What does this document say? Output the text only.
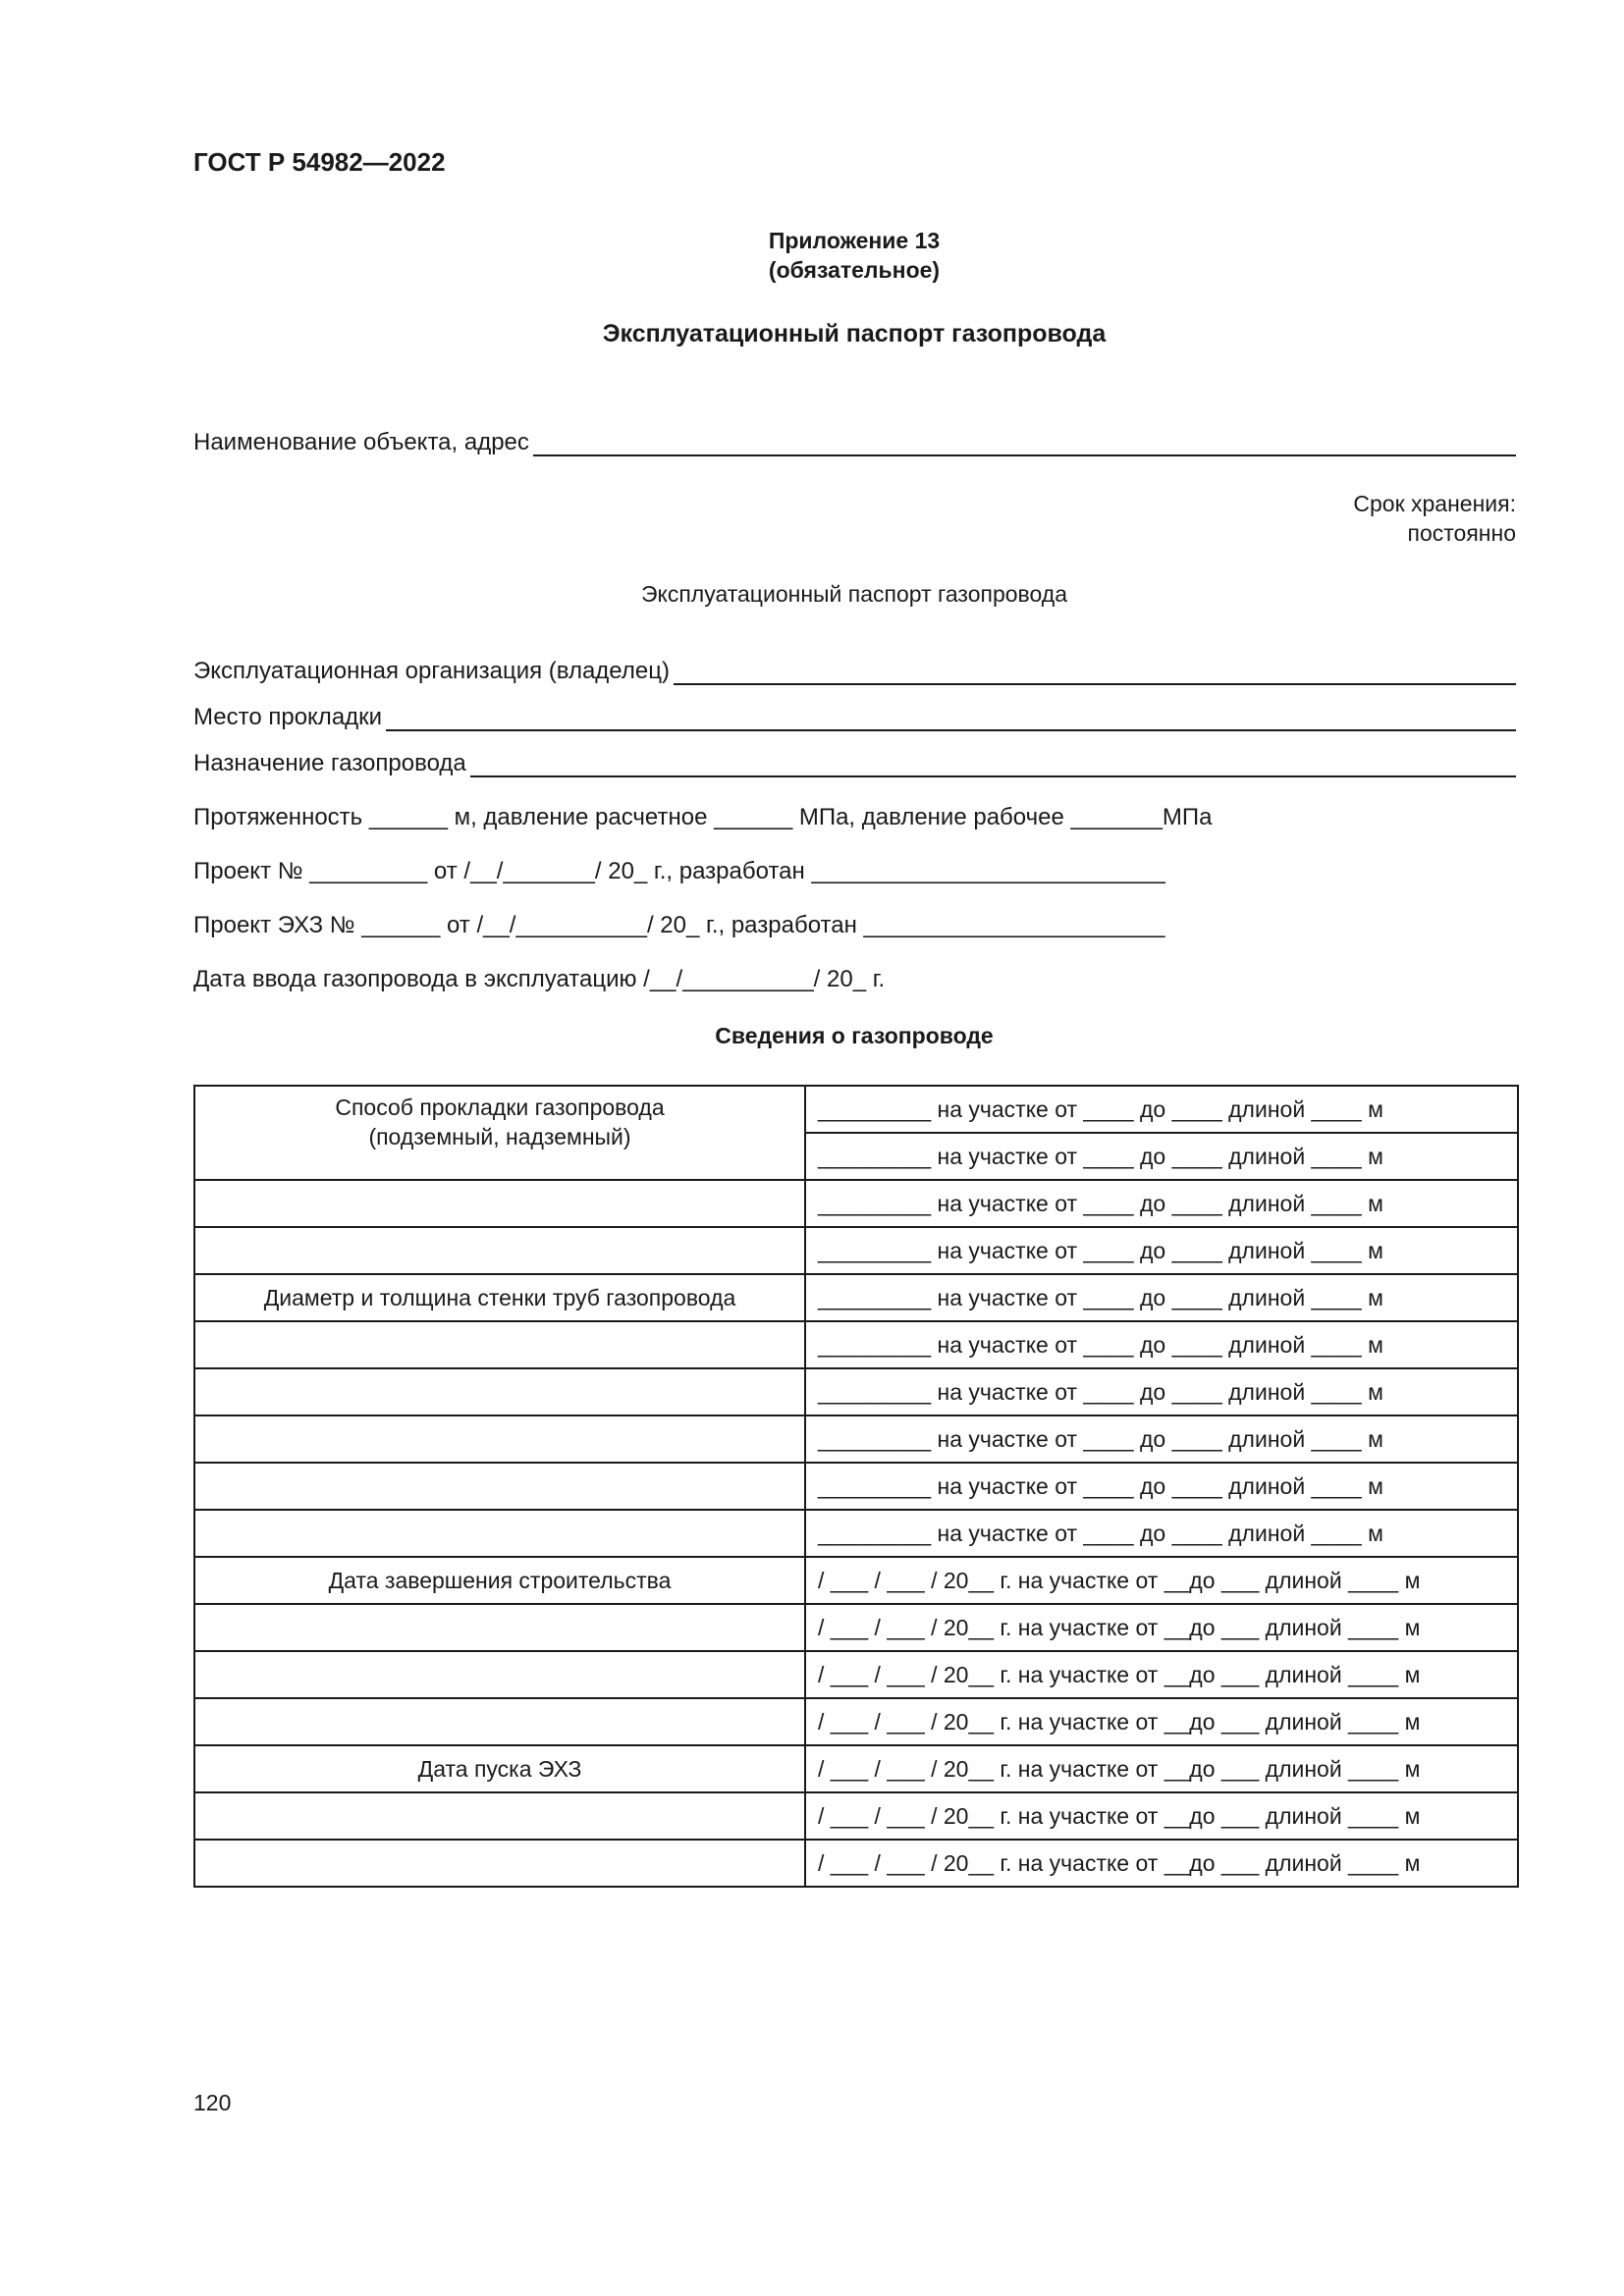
ГОСТ Р 54982—2022
Приложение 13
(обязательное)
Эксплуатационный паспорт газопровода
Наименование объекта, адрес
Срок хранения:
постоянно
Эксплуатационный паспорт газопровода
Эксплуатационная организация (владелец)
Место прокладки
Назначение газопровода
Протяженность ______ м, давление расчетное ______ МПа, давление рабочее _______МПа
Проект № _________ от /__/_______/ 20_ г., разработан ___________________________
Проект ЭХЗ № ______ от /__/__________/ 20_ г., разработан _______________________
Дата ввода газопровода в эксплуатацию /__/__________/ 20_ г.
Сведения о газопроводе
Способ прокладки газопровода
(подземный, надземный)	_________ на участке от ____ до ____ длиной ____ м
	_________ на участке от ____ до ____ длиной ____ м
	_________ на участке от ____ до ____ длиной ____ м
	_________ на участке от ____ до ____ длиной ____ м
Диаметр и толщина стенки труб газопровода	_________ на участке от ____ до ____ длиной ____ м
	_________ на участке от ____ до ____ длиной ____ м
	_________ на участке от ____ до ____ длиной ____ м
	_________ на участке от ____ до ____ длиной ____ м
	_________ на участке от ____ до ____ длиной ____ м
	_________ на участке от ____ до ____ длиной ____ м
Дата завершения строительства	/ ___ / ___ / 20__ г. на участке от __до ___ длиной ____ м
	/ ___ / ___ / 20__ г. на участке от __до ___ длиной ____ м
	/ ___ / ___ / 20__ г. на участке от __до ___ длиной ____ м
	/ ___ / ___ / 20__ г. на участке от __до ___ длиной ____ м
Дата пуска ЭХЗ	/ ___ / ___ / 20__ г. на участке от __до ___ длиной ____ м
	/ ___ / ___ / 20__ г. на участке от __до ___ длиной ____ м
	/ ___ / ___ / 20__ г. на участке от __до ___ длиной ____ м
120
